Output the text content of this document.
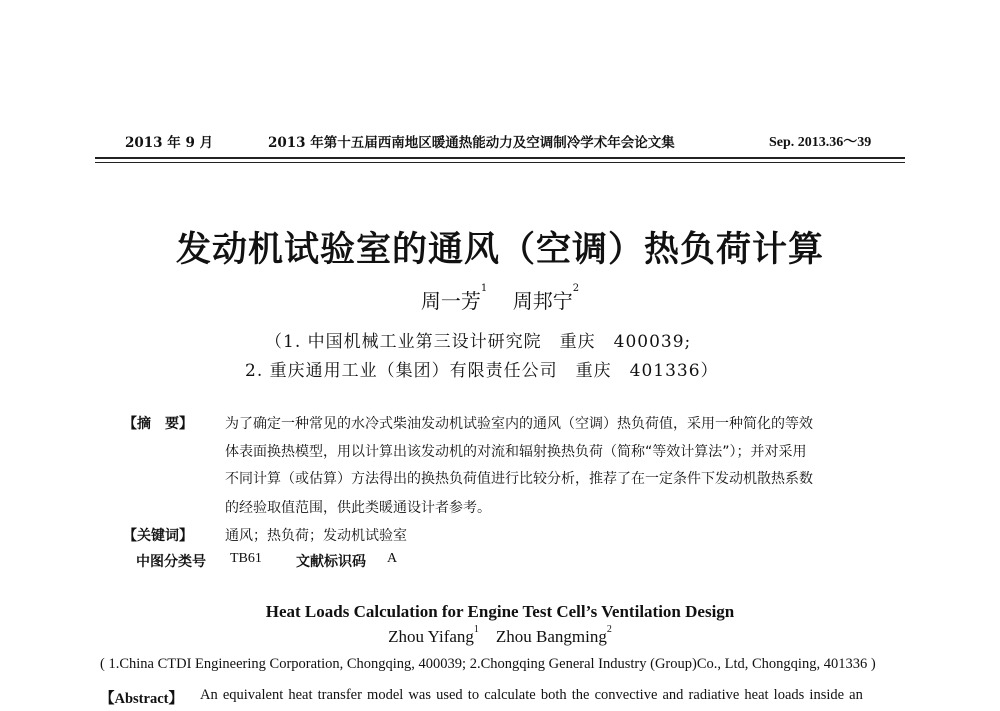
2013 年 9 月	2013 年第十五届西南地区暖通热能动力及空调制冷学术年会论文集	Sep. 2013.36～39
发动机试验室的通风（空调）热负荷计算
周一芳$^1$    周邦宁$^2$
（1. 中国机械工业第三设计研究院　重庆　400039;
2. 重庆通用工业（集团）有限责任公司　重庆　401336）
【摘　要】 为了确定一种常见的水冷式柴油发动机试验室内的通风（空调）热负荷值，采用一种简化的等效
体表面换热模型，用以计算出该发动机的对流和辐射换热负荷（简称“等效计算法”）；并对采用
不同计算（或估算）方法得出的换热负荷值进行比较分析，推荐了在一定条件下发动机散热系数
的经验取值范围，供此类暖通设计者参考。
【关键词】 通风；热负荷；发动机试验室
中图分类号 TB61 文献标识码 A
Heat Loads Calculation for Engine Test Cell’s Ventilation Design
Zhou Yifang$^1$ Zhou Bangming$^2$
( 1.China CTDI Engineering Corporation, Chongqing, 400039; 2.Chongqing General Industry (Group)Co., Ltd, Chongqing, 401336 )
【Abstract】 An equivalent heat transfer model was used to calculate both the convective and radiative heat loads inside an
